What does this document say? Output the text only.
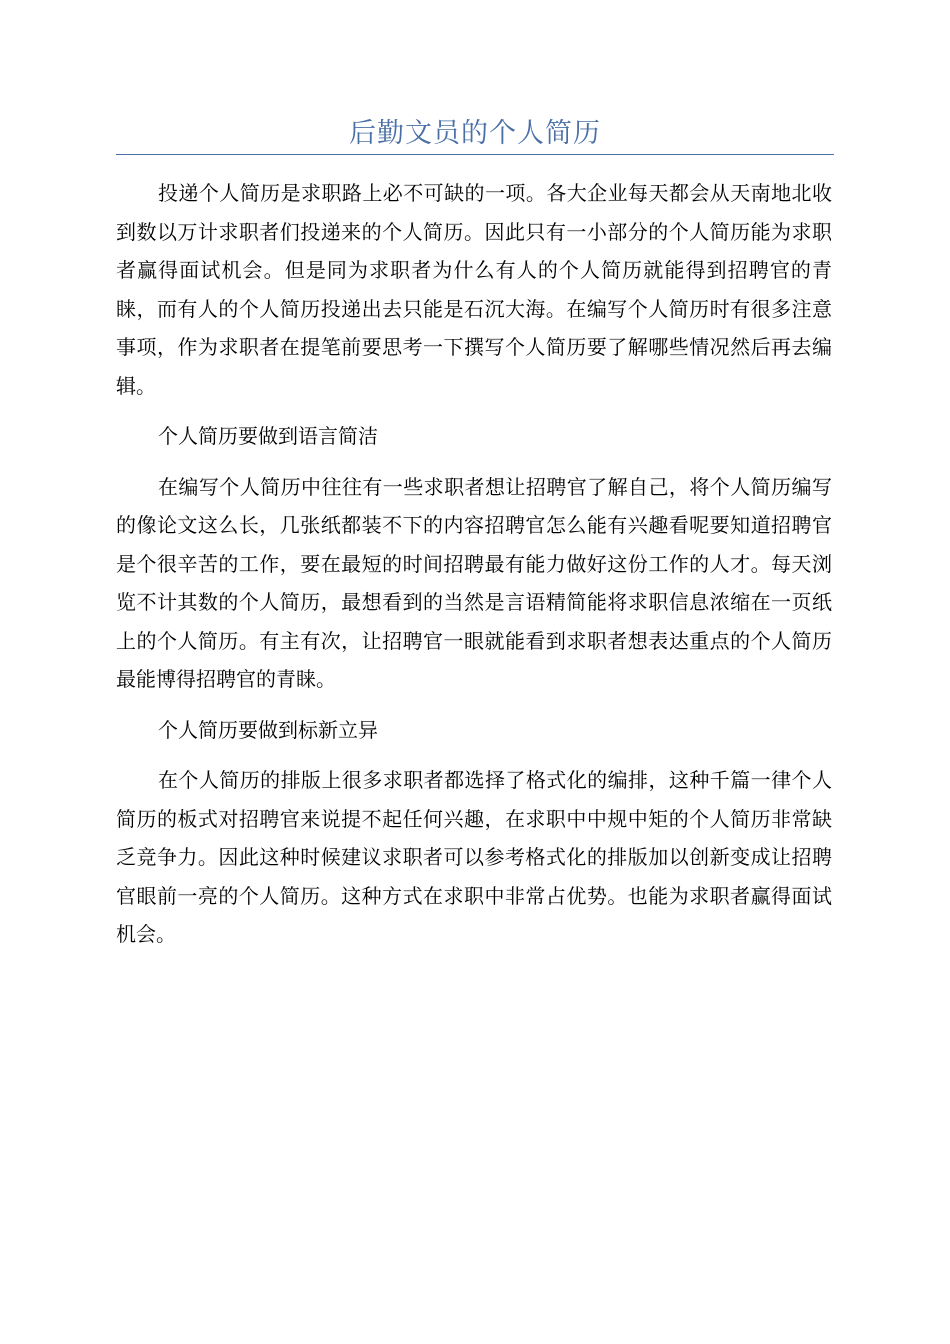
后勤文员的个人简历

投递个人简历是求职路上必不可缺的一项。各大企业每天都会从天南地北收到数以万计求职者们投递来的个人简历。因此只有一小部分的个人简历能为求职者赢得面试机会。但是同为求职者为什么有人的个人简历就能得到招聘官的青睐，而有人的个人简历投递出去只能是石沉大海。在编写个人简历时有很多注意事项，作为求职者在提笔前要思考一下撰写个人简历要了解哪些情况然后再去编辑。

个人简历要做到语言简洁

在编写个人简历中往往有一些求职者想让招聘官了解自己，将个人简历编写的像论文这么长，几张纸都装不下的内容招聘官怎么能有兴趣看呢要知道招聘官是个很辛苦的工作，要在最短的时间招聘最有能力做好这份工作的人才。每天浏览不计其数的个人简历，最想看到的当然是言语精简能将求职信息浓缩在一页纸上的个人简历。有主有次，让招聘官一眼就能看到求职者想表达重点的个人简历最能博得招聘官的青睐。

个人简历要做到标新立异

在个人简历的排版上很多求职者都选择了格式化的编排，这种千篇一律个人简历的板式对招聘官来说提不起任何兴趣，在求职中中规中矩的个人简历非常缺乏竞争力。因此这种时候建议求职者可以参考格式化的排版加以创新变成让招聘官眼前一亮的个人简历。这种方式在求职中非常占优势。也能为求职者赢得面试机会。
